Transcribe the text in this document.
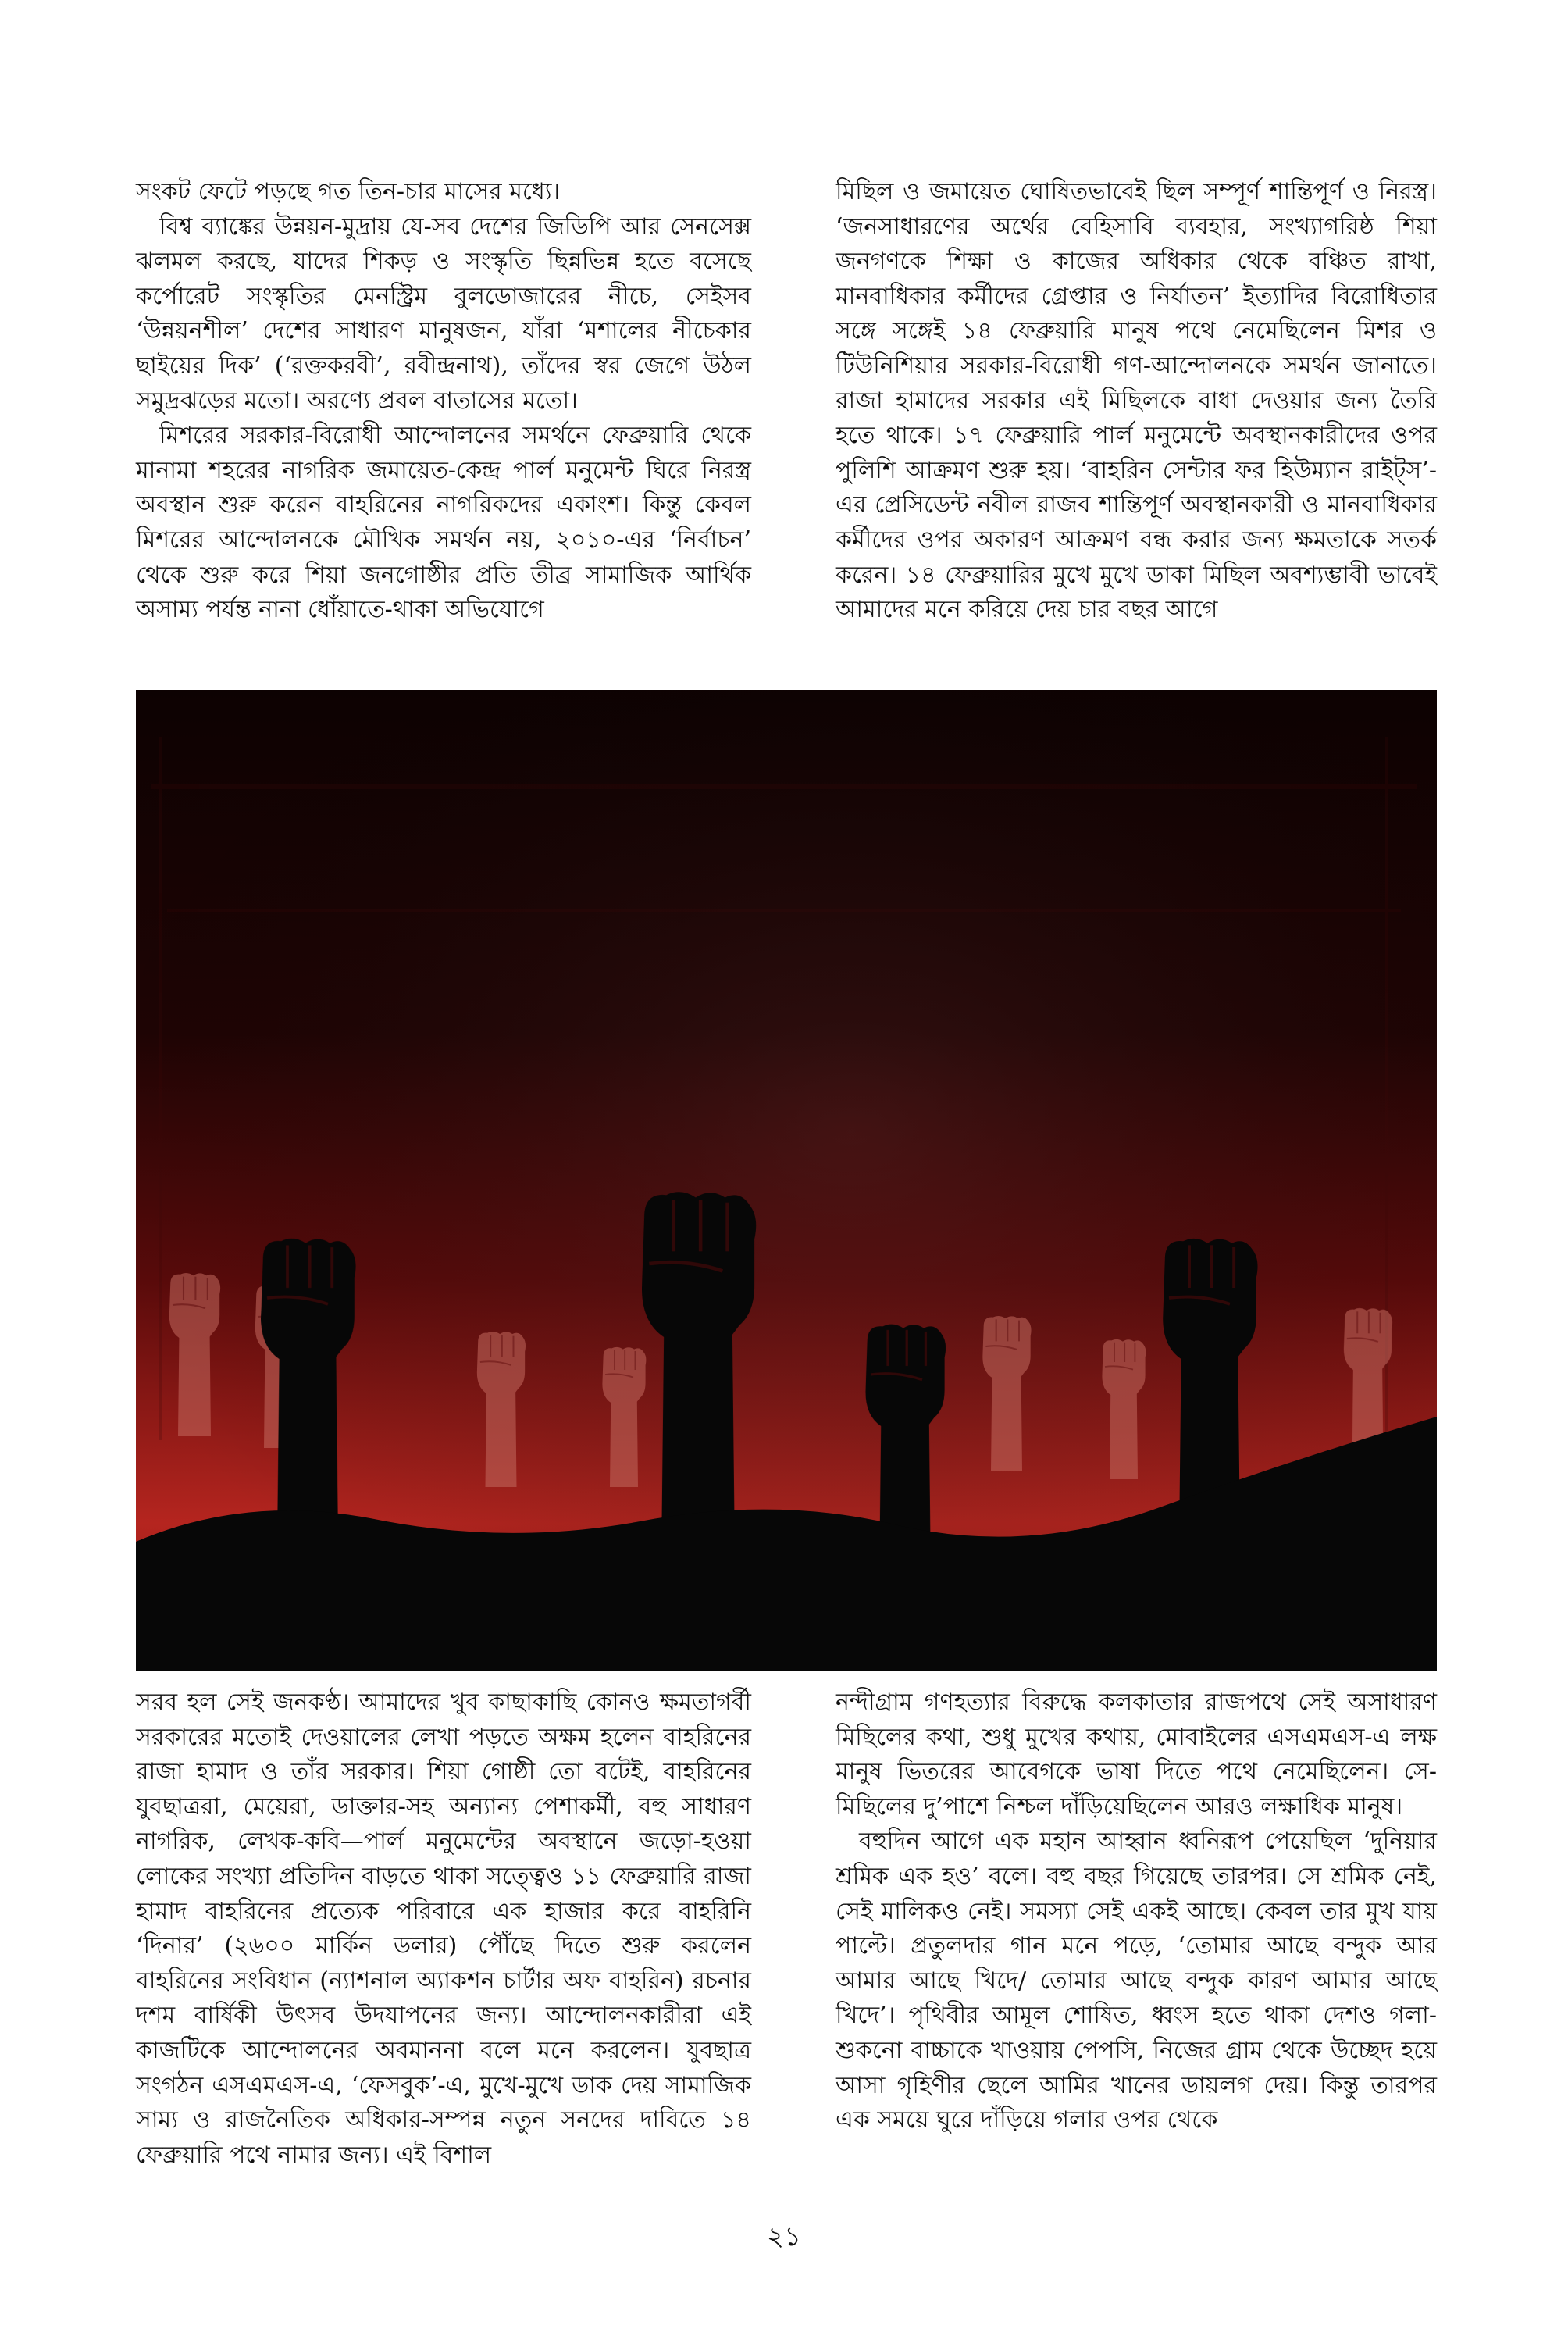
সংকট ফেটে পড়ছে গত তিন-চার মাসের মধ্যে।

বিশ্ব ব্যাঙ্কের উন্নয়ন-মুদ্রায় যে-সব দেশের জিডিপি আর সেনসেক্স ঝলমল করছে, যাদের শিকড় ও সংস্কৃতি ছিন্নভিন্ন হতে বসেছে কর্পোরেট সংস্কৃতির মেনস্ট্রিম বুলডোজারের নীচে, সেইসব ‘উন্নয়নশীল’ দেশের সাধারণ মানুষজন, যাঁরা ‘মশালের নীচেকার ছাইয়ের দিক’ (‘রক্তকরবী’, রবীন্দ্রনাথ), তাঁদের স্বর জেগে উঠল সমুদ্রঝড়ের মতো। অরণ্যে প্রবল বাতাসের মতো।

মিশরের সরকার-বিরোধী আন্দোলনের সমর্থনে ফেব্রুয়ারি থেকে মানামা শহরের নাগরিক জমায়েত-কেন্দ্র পার্ল মনুমেন্ট ঘিরে নিরস্ত্র অবস্থান শুরু করেন বাহরিনের নাগরিকদের একাংশ। কিন্তু কেবল মিশরের আন্দোলনকে মৌখিক সমর্থন নয়, ২০১০-এর ‘নির্বাচন’ থেকে শুরু করে শিয়া জনগোষ্ঠীর প্রতি তীব্র সামাজিক আর্থিক অসাম্য পর্যন্ত নানা ধোঁয়াতে-থাকা অভিযোগে

মিছিল ও জমায়েত ঘোষিতভাবেই ছিল সম্পূর্ণ শান্তিপূর্ণ ও নিরস্ত্র। ‘জনসাধারণের অর্থের বেহিসাবি ব্যবহার, সংখ্যাগরিষ্ঠ শিয়া জনগণকে শিক্ষা ও কাজের অধিকার থেকে বঞ্চিত রাখা, মানবাধিকার কর্মীদের গ্রেপ্তার ও নির্যাতন’ ইত্যাদির বিরোধিতার সঙ্গে সঙ্গেই ১৪ ফেব্রুয়ারি মানুষ পথে নেমেছিলেন মিশর ও টিউনিশিয়ার সরকার-বিরোধী গণ-আন্দোলনকে সমর্থন জানাতে। রাজা হামাদের সরকার এই মিছিলকে বাধা দেওয়ার জন্য তৈরি হতে থাকে। ১৭ ফেব্রুয়ারি পার্ল মনুমেন্টে অবস্থানকারীদের ওপর পুলিশি আক্রমণ শুরু হয়। ‘বাহরিন সেন্টার ফর হিউম্যান রাইট্‌স’-এর প্রেসিডেন্ট নবীল রাজব শান্তিপূর্ণ অবস্থানকারী ও মানবাধিকার কর্মীদের ওপর অকারণ আক্রমণ বন্ধ করার জন্য ক্ষমতাকে সতর্ক করেন। ১৪ ফেব্রুয়ারির মুখে মুখে ডাকা মিছিল অবশ্যম্ভাবী ভাবেই আমাদের মনে করিয়ে দেয় চার বছর আগে

সরব হল সেই জনকণ্ঠ। আমাদের খুব কাছাকাছি কোনও ক্ষমতাগর্বী সরকারের মতোই দেওয়ালের লেখা পড়তে অক্ষম হলেন বাহরিনের রাজা হামাদ ও তাঁর সরকার। শিয়া গোষ্ঠী তো বটেই, বাহরিনের যুবছাত্ররা, মেয়েরা, ডাক্তার-সহ অন্যান্য পেশাকর্মী, বহু সাধারণ নাগরিক, লেখক-কবি—পার্ল মনুমেন্টের অবস্থানে জড়ো-হওয়া লোকের সংখ্যা প্রতিদিন বাড়তে থাকা সত্ত্বেও ১১ ফেব্রুয়ারি রাজা হামাদ বাহরিনের প্রত্যেক পরিবারে এক হাজার করে বাহরিনি ‘দিনার’ (২৬০০ মার্কিন ডলার) পৌঁছে দিতে শুরু করলেন বাহরিনের সংবিধান (ন্যাশনাল অ্যাকশন চার্টার অফ বাহরিন) রচনার দশম বার্ষিকী উৎসব উদযাপনের জন্য। আন্দোলনকারীরা এই কাজটিকে আন্দোলনের অবমাননা বলে মনে করলেন। যুবছাত্র সংগঠন এসএমএস-এ, ‘ফেসবুক’-এ, মুখে-মুখে ডাক দেয় সামাজিক সাম্য ও রাজনৈতিক অধিকার-সম্পন্ন নতুন সনদের দাবিতে ১৪ ফেব্রুয়ারি পথে নামার জন্য। এই বিশাল

নন্দীগ্রাম গণহত্যার বিরুদ্ধে কলকাতার রাজপথে সেই অসাধারণ মিছিলের কথা, শুধু মুখের কথায়, মোবাইলের এসএমএস-এ লক্ষ মানুষ ভিতরের আবেগকে ভাষা দিতে পথে নেমেছিলেন। সে-মিছিলের দু’পাশে নিশ্চল দাঁড়িয়েছিলেন আরও লক্ষাধিক মানুষ।

বহুদিন আগে এক মহান আহ্বান ধ্বনিরূপ পেয়েছিল ‘দুনিয়ার শ্রমিক এক হও’ বলে। বহু বছর গিয়েছে তারপর। সে শ্রমিক নেই, সেই মালিকও নেই। সমস্যা সেই একই আছে। কেবল তার মুখ যায় পাল্টে। প্রতুলদার গান মনে পড়ে, ‘তোমার আছে বন্দুক আর আমার আছে খিদে/ তোমার আছে বন্দুক কারণ আমার আছে খিদে’। পৃথিবীর আমূল শোষিত, ধ্বংস হতে থাকা দেশও গলা-শুকনো বাচ্চাকে খাওয়ায় পেপসি, নিজের গ্রাম থেকে উচ্ছেদ হয়ে আসা গৃহিণীর ছেলে আমির খানের ডায়লগ দেয়। কিন্তু তারপর এক সময়ে ঘুরে দাঁড়িয়ে গলার ওপর থেকে

২১
